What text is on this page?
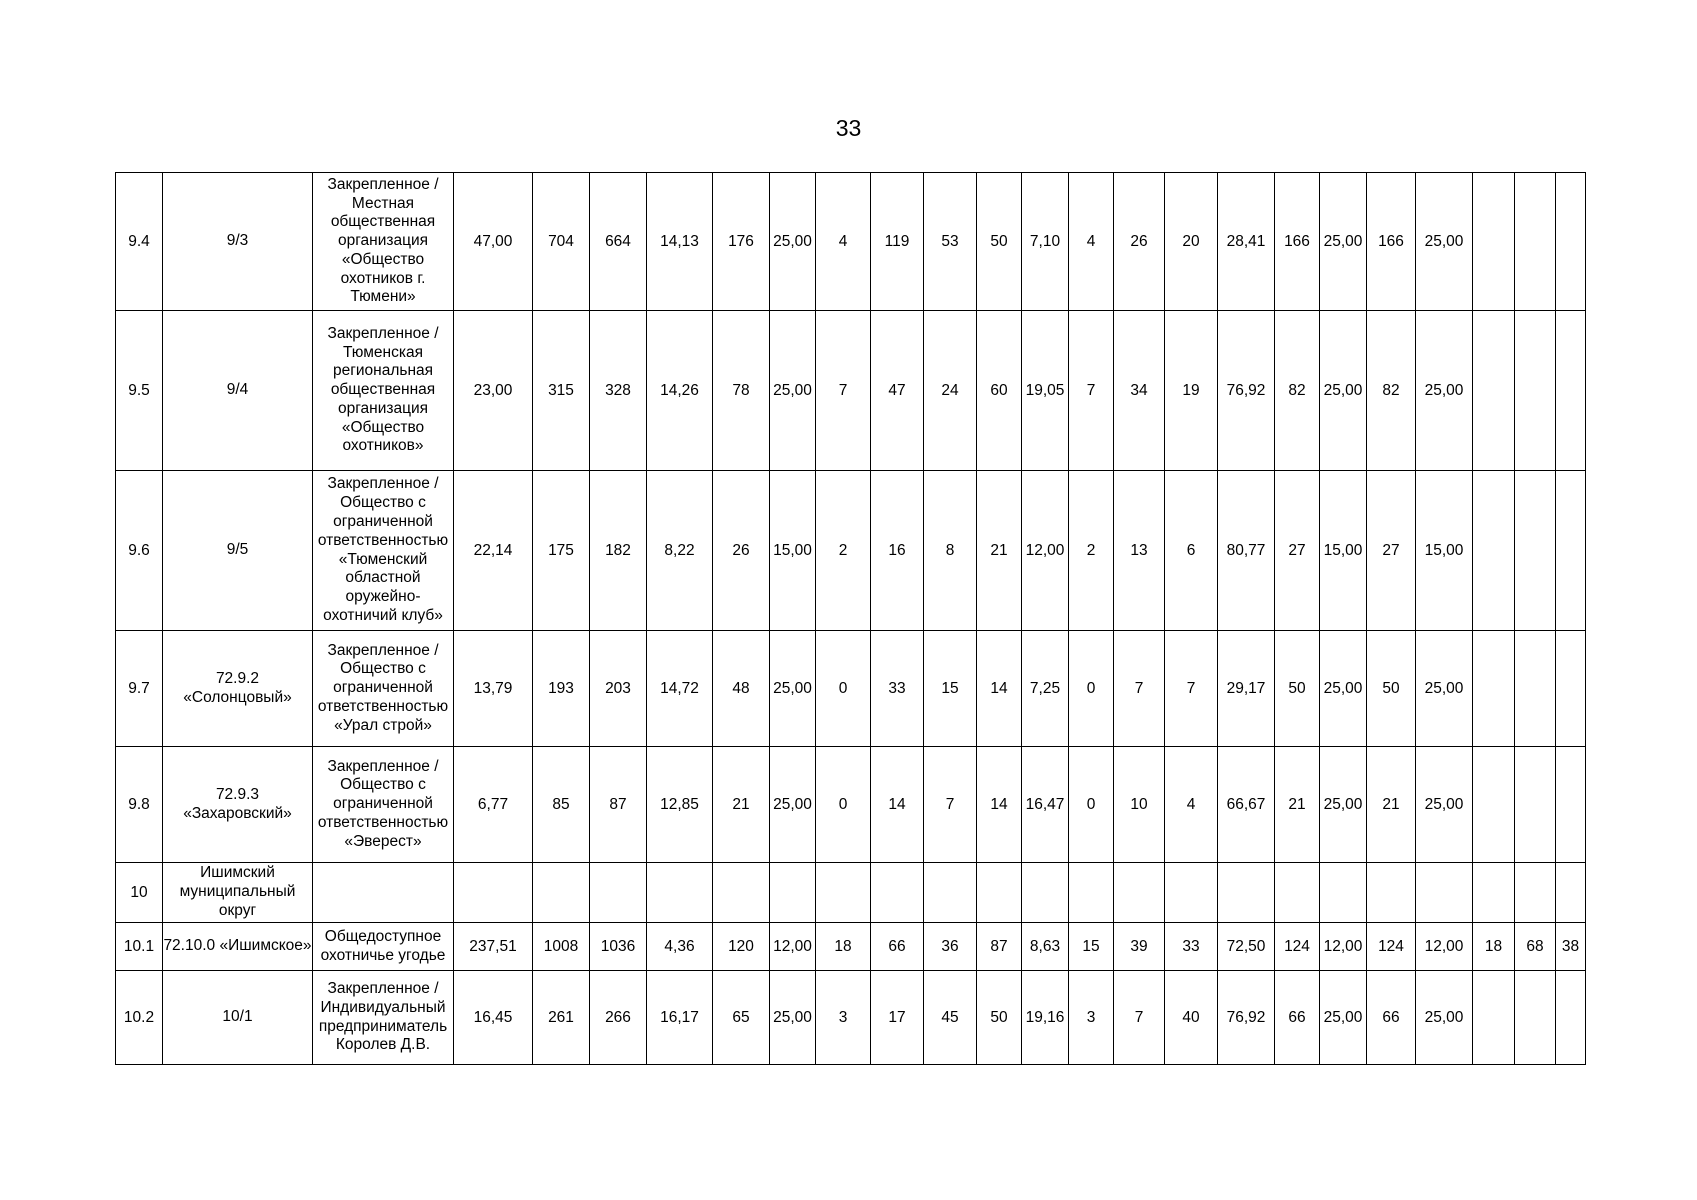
33
9.4	9/3	Закрепленное / Местная общественная организация «Общество охотников г. Тюмени»	47,00	704	664	14,13	176	25,00	4	119	53	50	7,10	4	26	20	28,41	166	25,00	166	25,00			
9.5	9/4	Закрепленное / Тюменская региональная общественная организация «Общество охотников»	23,00	315	328	14,26	78	25,00	7	47	24	60	19,05	7	34	19	76,92	82	25,00	82	25,00			
9.6	9/5	Закрепленное / Общество с ограниченной ответственностью «Тюменский областной оружейно-охотничий клуб»	22,14	175	182	8,22	26	15,00	2	16	8	21	12,00	2	13	6	80,77	27	15,00	27	15,00			
9.7	72.9.2 «Солонцовый»	Закрепленное / Общество с ограниченной ответственностью «Урал строй»	13,79	193	203	14,72	48	25,00	0	33	15	14	7,25	0	7	7	29,17	50	25,00	50	25,00			
9.8	72.9.3 «Захаровский»	Закрепленное / Общество с ограниченной ответственностью «Эверест»	6,77	85	87	12,85	21	25,00	0	14	7	14	16,47	0	10	4	66,67	21	25,00	21	25,00			
10	Ишимский муниципальный округ																							
10.1	72.10.0 «Ишимское»	Общедоступное охотничье угодье	237,51	1008	1036	4,36	120	12,00	18	66	36	87	8,63	15	39	33	72,50	124	12,00	124	12,00	18	68	38
10.2	10/1	Закрепленное / Индивидуальный предприниматель Королев Д.В.	16,45	261	266	16,17	65	25,00	3	17	45	50	19,16	3	7	40	76,92	66	25,00	66	25,00			
